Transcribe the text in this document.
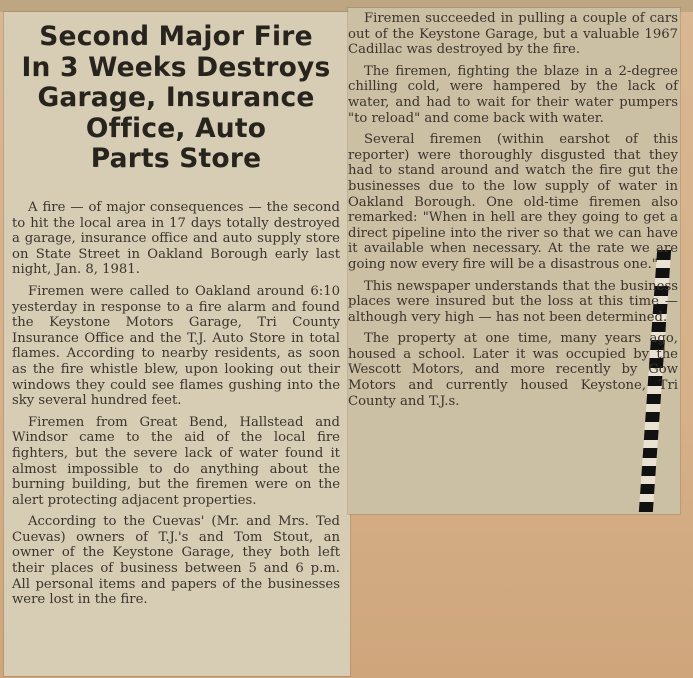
Second Major Fire
In 3 Weeks Destroys
Garage, Insurance
Office, Auto
Parts Store

A fire — of major consequences — the second to hit the local area in 17 days totally destroyed a garage, insurance office and auto supply store on State Street in Oakland Borough early last night, Jan. 8, 1981.

Firemen were called to Oakland around 6:10 yesterday in response to a fire alarm and found the Keystone Motors Garage, Tri County Insurance Office and the T.J. Auto Store in total flames. According to nearby residents, as soon as the fire whistle blew, upon looking out their windows they could see flames gushing into the sky several hundred feet.

Firemen from Great Bend, Hallstead and Windsor came to the aid of the local fire fighters, but the severe lack of water found it almost impossible to do anything about the burning building, but the firemen were on the alert protecting adjacent properties.

According to the Cuevas' (Mr. and Mrs. Ted Cuevas) owners of T.J.'s and Tom Stout, an owner of the Keystone Garage, they both left their places of business between 5 and 6 p.m. All personal items and papers of the businesses were lost in the fire.

Firemen succeeded in pulling a couple of cars out of the Keystone Garage, but a valuable 1967 Cadillac was destroyed by the fire.

The firemen, fighting the blaze in a 2-degree chilling cold, were hampered by the lack of water, and had to wait for their water pumpers "to reload" and come back with water.

Several firemen (within earshot of this reporter) were thoroughly disgusted that they had to stand around and watch the fire gut the businesses due to the low supply of water in Oakland Borough. One old-time firemen also remarked: "When in hell are they going to get a direct pipeline into the river so that we can have it available when necessary. At the rate we are going now every fire will be a disastrous one."

This newspaper understands that the business places were insured but the loss at this time — although very high — has not been determined.

The property at one time, many years ago, housed a school. Later it was occupied by the Wescott Motors, and more recently by Gow Motors and currently housed Keystone, Tri County and T.J.s.
